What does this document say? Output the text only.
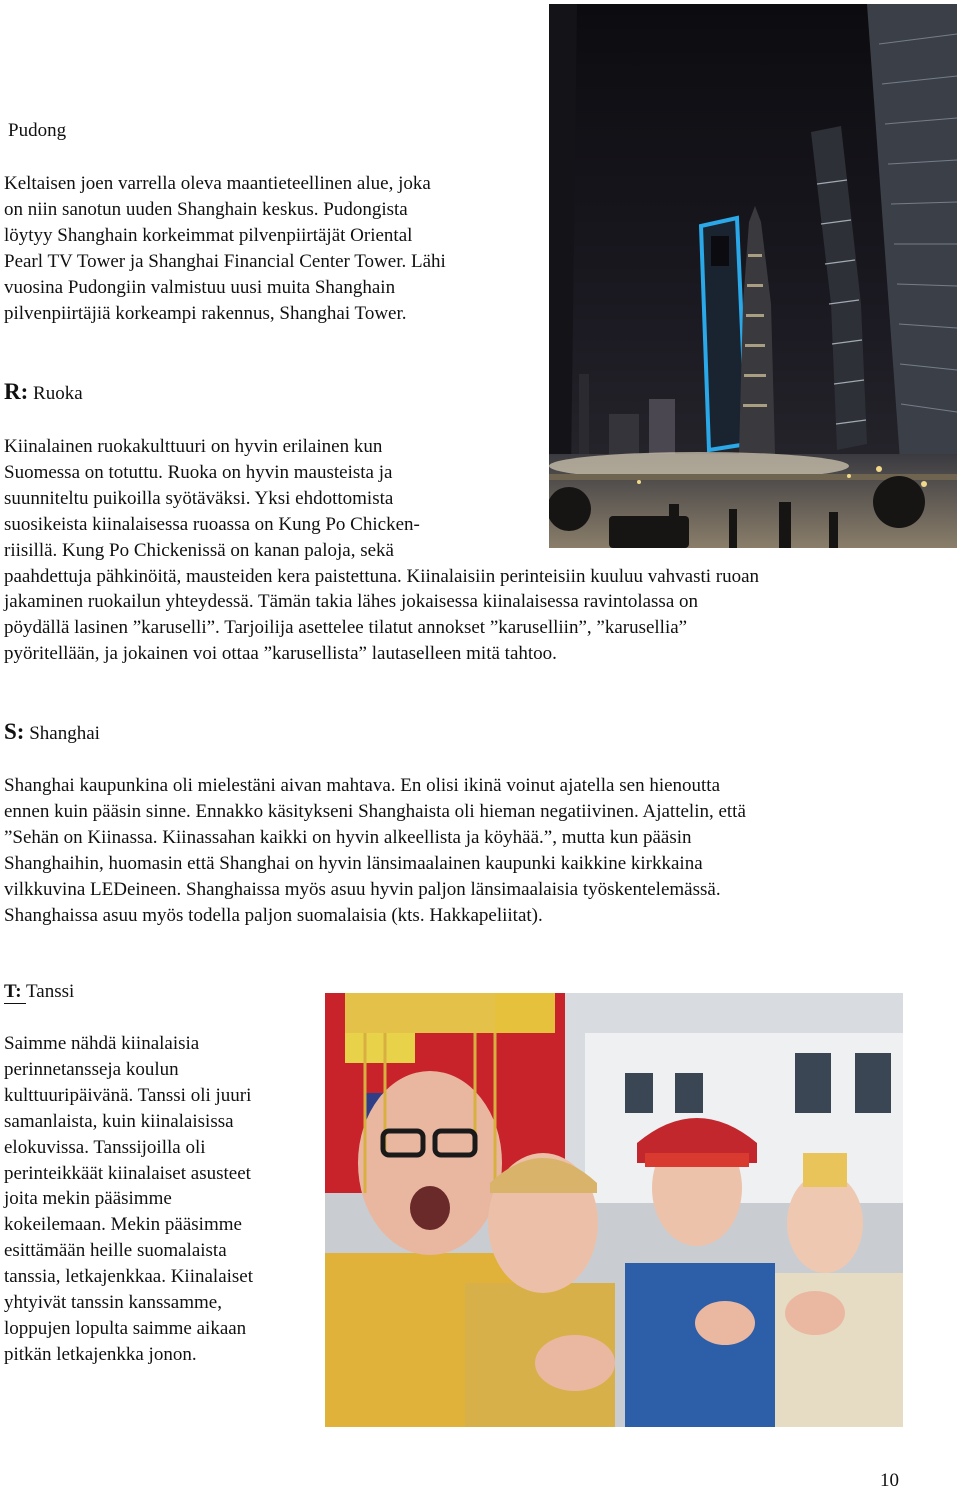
Pudong

Keltaisen joen varrella oleva maantieteellinen alue, joka

on niin sanotun uuden Shanghain keskus. Pudongista

löytyy Shanghain korkeimmat pilvenpiirtäjät Oriental

Pearl TV Tower ja Shanghai Financial Center Tower. Lähi

vuosina Pudongiin valmistuu uusi muita Shanghain

pilvenpiirtäjiä korkeampi rakennus, Shanghai Tower.

R: Ruoka

Kiinalainen ruokakulttuuri on hyvin erilainen kun

Suomessa on totuttu. Ruoka on hyvin mausteista ja

suunniteltu puikoilla syötäväksi. Yksi ehdottomista

suosikeista kiinalaisessa ruoassa on Kung Po Chicken-

riisillä. Kung Po Chickenissä on kanan paloja, sekä

paahdettuja pähkinöitä, mausteiden kera paistettuna. Kiinalaisiin perinteisiin kuuluu vahvasti ruoan

jakaminen ruokailun yhteydessä. Tämän takia lähes jokaisessa kiinalaisessa ravintolassa on

pöydällä lasinen ”karuselli”. Tarjoilija asettelee tilatut annokset ”karuselliin”, ”karusellia”

pyöritellään, ja jokainen voi ottaa ”karusellista” lautaselleen mitä tahtoo.

S: Shanghai

Shanghai kaupunkina oli mielestäni aivan mahtava. En olisi ikinä voinut ajatella sen hienoutta

ennen kuin pääsin sinne. Ennakko käsitykseni Shanghaista oli hieman negatiivinen. Ajattelin, että

”Sehän on Kiinassa. Kiinassahan kaikki on hyvin alkeellista ja köyhää.”, mutta kun pääsin

Shanghaihin, huomasin että Shanghai on hyvin länsimaalainen kaupunki kaikkine kirkkaina

vilkkuvina LEDeineen. Shanghaissa myös asuu hyvin paljon länsimaalaisia työskentelemässä.

Shanghaissa asuu myös todella paljon suomalaisia (kts. Hakkapeliitat).

T: Tanssi

Saimme nähdä kiinalaisia

perinnetansseja koulun

kulttuuripäivänä. Tanssi oli juuri

samanlaista, kuin kiinalaisissa

elokuvissa. Tanssijoilla oli

perinteikkäät kiinalaiset asusteet

joita mekin pääsimme

kokeilemaan. Mekin pääsimme

esittämään heille suomalaista

tanssia, letkajenkkaa. Kiinalaiset

yhtyivät tanssin kanssamme,

loppujen lopulta saimme aikaan

pitkän letkajenkka jonon.

10
